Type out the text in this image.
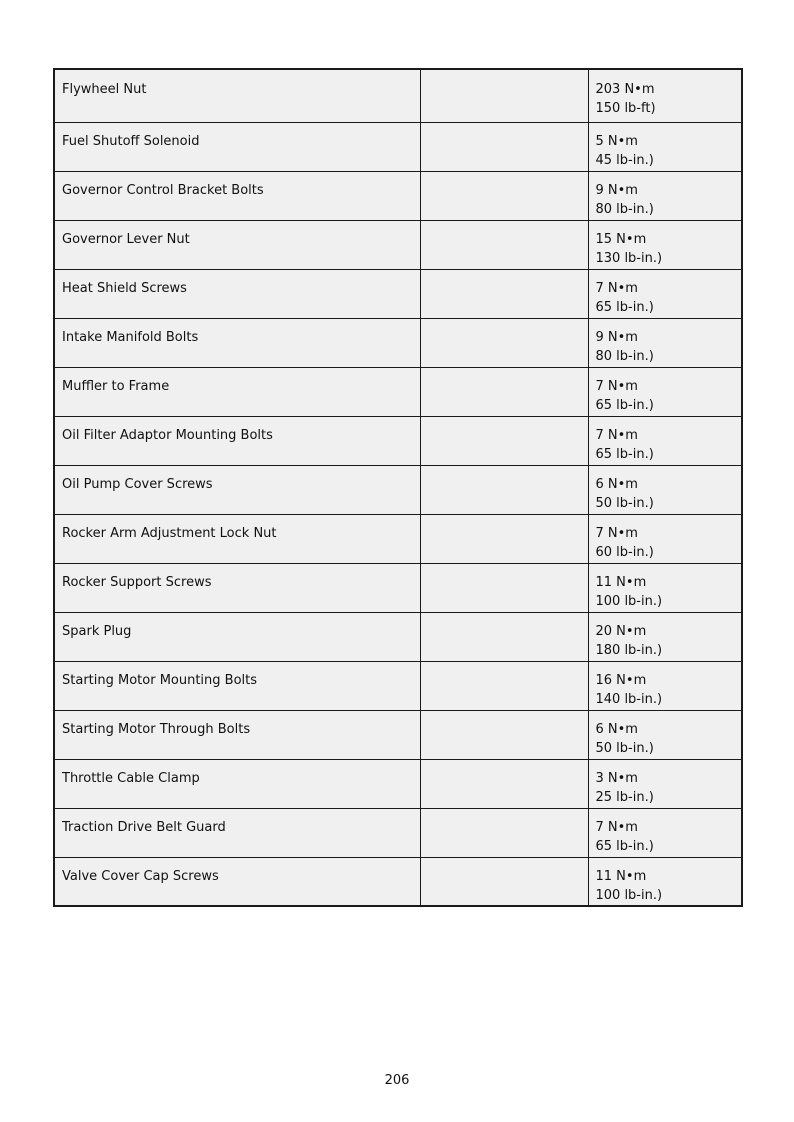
Flywheel Nut		203 N•m
150 lb-ft)

Fuel Shutoff Solenoid		5 N•m
45 lb-in.)

Governor Control Bracket Bolts		9 N•m
80 lb-in.)

Governor Lever Nut		15 N•m
130 lb-in.)

Heat Shield Screws		7 N•m
65 lb-in.)

Intake Manifold Bolts		9 N•m
80 lb-in.)

Muffler to Frame		7 N•m
65 lb-in.)

Oil Filter Adaptor Mounting Bolts		7 N•m
65 lb-in.)

Oil Pump Cover Screws		6 N•m
50 lb-in.)

Rocker Arm Adjustment Lock Nut		7 N•m
60 lb-in.)

Rocker Support Screws		11 N•m
100 lb-in.)

Spark Plug		20 N•m
180 lb-in.)

Starting Motor Mounting Bolts		16 N•m
140 lb-in.)

Starting Motor Through Bolts		6 N•m
50 lb-in.)

Throttle Cable Clamp		3 N•m
25 lb-in.)

Traction Drive Belt Guard		7 N•m
65 lb-in.)

Valve Cover Cap Screws		11 N•m
100 lb-in.)
206
